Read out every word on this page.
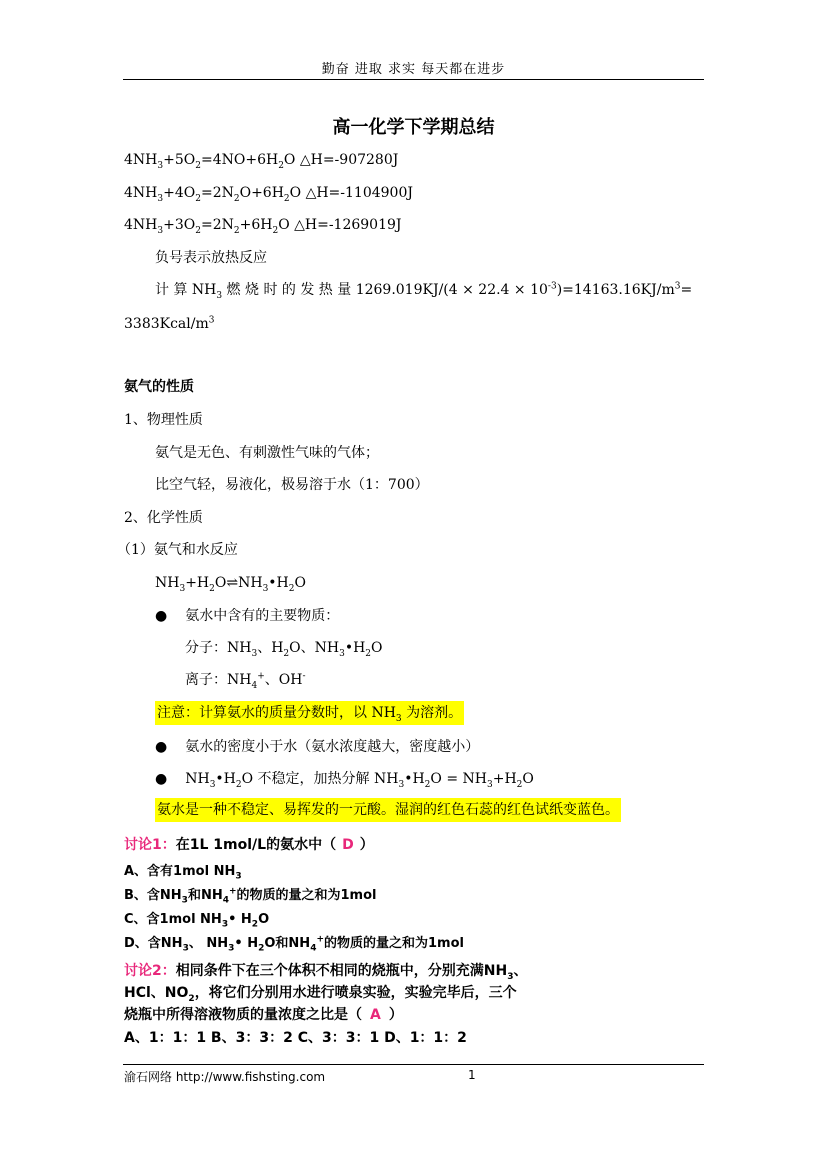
勤奋 进取 求实 每天都在进步
高一化学下学期总结
$4NH_3+5O_2=4NO+6H_2O$ △H=-907280J
$4NH_3+4O_2=2N_2O+6H_2O$ △H=-1104900J
$4NH_3+3O_2=2N_2+6H_2O$ △H=-1269019J
负号表示放热反应
计 算 $NH_3$ 燃 烧 时 的 发 热 量 $1269.019KJ/(4 \times 22.4 \times 10^{-3})=14163.16KJ/m^3=$
$3383Kcal/m^3$
氨气的性质
1、物理性质
氨气是无色、有刺激性气味的气体；
比空气轻，易液化，极易溶于水（1：700）
2、化学性质
（1）氨气和水反应
$NH_3+H_2O\rightleftharpoons NH_3•H_2O$
● 氨水中含有的主要物质：
分子：$NH_3$、$H_2O$、$NH_3•H_2O$
离子：$NH_4^+$、OH-
注意：计算氨水的质量分数时，以 $NH_3$ 为溶剂。
● 氨水的密度小于水（氨水浓度越大，密度越小）
● $NH_3•H_2O$ 不稳定，加热分解 $NH_3•H_2O = NH_3+H_2O$
氨水是一种不稳定、易挥发的一元酸。湿润的红色石蕊的红色试纸变蓝色。
讨论1：在1L 1mol/L的氨水中（ D ）
A、含有1mol $NH_3$
B、含$NH_3$和$NH_4^+$的物质的量之和为1mol
C、含1mol $NH_3•$ $H_2O$
D、含$NH_3$、 $NH_3•$ $H_2O$和$NH_4^+$的物质的量之和为1mol
讨论2：相同条件下在三个体积不相同的烧瓶中，分别充满$NH_3$、
HCl、$NO_2$，将它们分别用水进行喷泉实验，实验完毕后，三个
烧瓶中所得溶液物质的量浓度之比是（ A ）
A、1：1：1 B、3：3：2 C、3：3：1 D、1：1：2
渝石网络 http://www.fishsting.com	1
